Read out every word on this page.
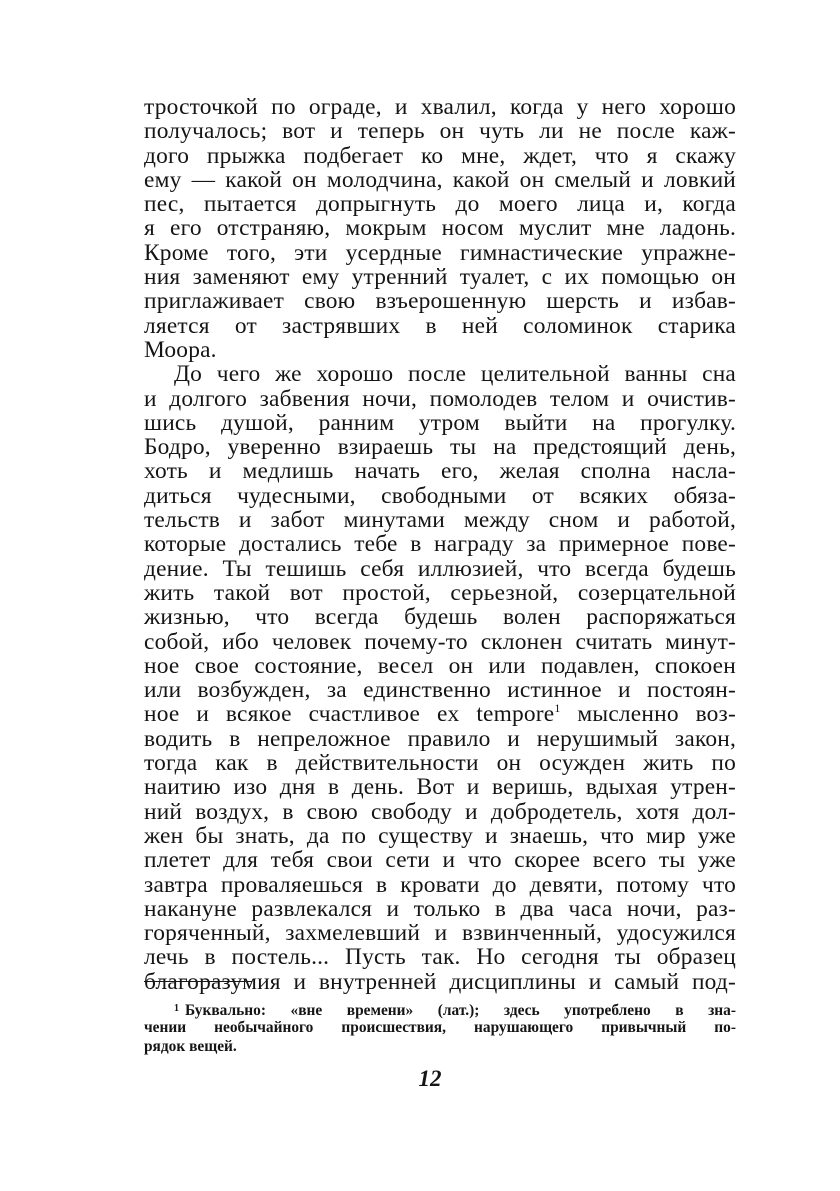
тросточкой по ограде, и хвалил, когда у него хорошо
получалось; вот и теперь он чуть ли не после каж-
дого прыжка подбегает ко мне, ждет, что я скажу
ему — какой он молодчина, какой он смелый и ловкий
пес, пытается допрыгнуть до моего лица и, когда
я его отстраняю, мокрым носом муслит мне ладонь.
Кроме того, эти усердные гимнастические упражне-
ния заменяют ему утренний туалет, с их помощью он
приглаживает свою взъерошенную шерсть и избав-
ляется от застрявших в ней соломинок старика
Моора.
До чего же хорошо после целительной ванны сна
и долгого забвения ночи, помолодев телом и очистив-
шись душой, ранним утром выйти на прогулку.
Бодро, уверенно взираешь ты на предстоящий день,
хоть и медлишь начать его, желая сполна наслa-
диться чудесными, свободными от всяких обяза-
тельств и забот минутами между сном и работой,
которые достались тебе в награду за примерное пове-
дение. Ты тешишь себя иллюзией, что всегда будешь
жить такой вот простой, серьезной, созерцательной
жизнью, что всегда будешь волен распоряжаться
собой, ибо человек почему-то склонен считать минут-
ное свое состояние, весел он или подавлен, спокоен
или возбужден, за единственно истинное и постоян-
ное и всякое счастливое ex tempore$^1$ мысленно воз-
водить в непреложное правило и нерушимый закон,
тогда как в действительности он осужден жить по
наитию изо дня в день. Вот и веришь, вдыхая утрен-
ний воздух, в свою свободу и добродетель, хотя дол-
жен бы знать, да по существу и знаешь, что мир уже
плетет для тебя свои сети и что скорее всего ты уже
завтра проваляешься в кровати до девяти, потому что
накануне развлекался и только в два часа ночи, раз-
горяченный, захмелевший и взвинченный, удосужился
лечь в постель... Пусть так. Но сегодня ты образец
благоразумия и внутренней дисциплины и самый под-
$^1$ Буквально: «вне времени» (лат.); здесь употреблено в зна-
чении необычайного происшествия, нарушающего привычный по-
рядок вещей.
12
